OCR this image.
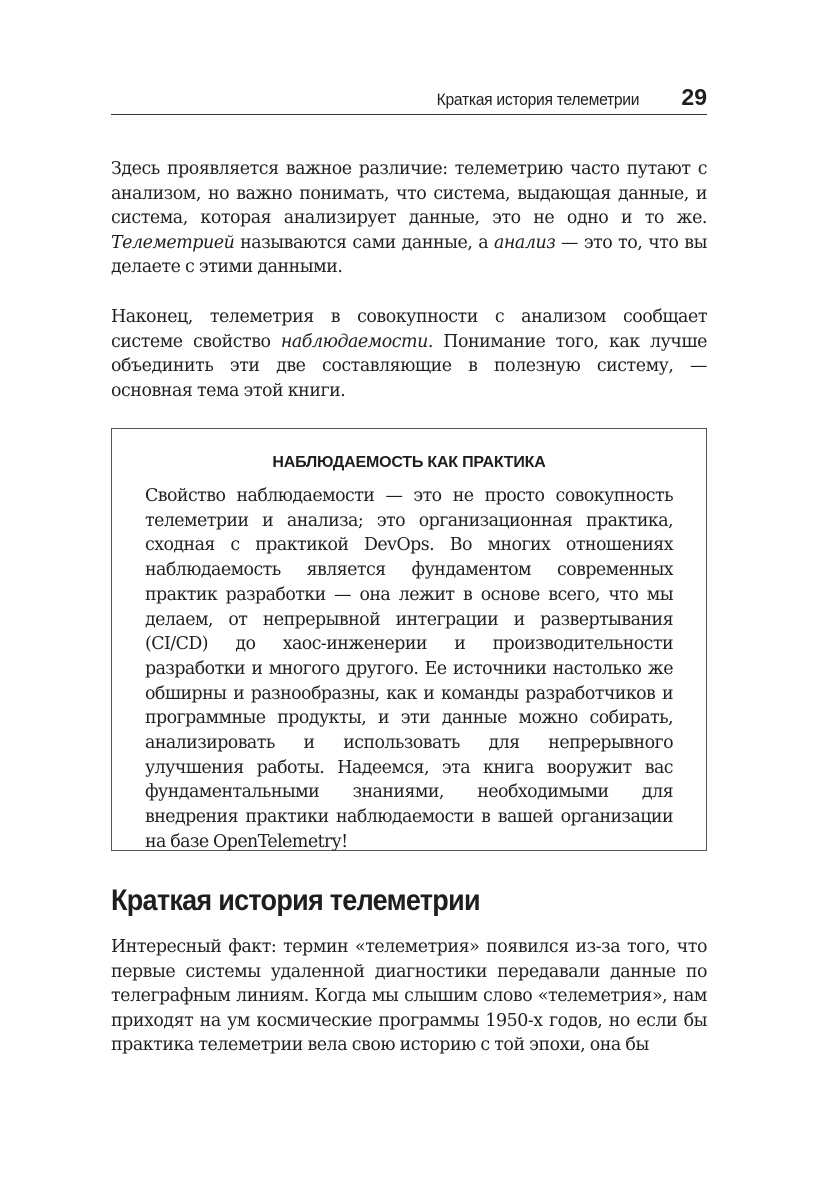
Краткая история телеметрии 29

Здесь проявляется важное различие: телеметрию часто путают с анализом, но важно понимать, что система, выдающая данные, и система, которая анализирует данные, это не одно и то же. Телеметрией называются сами данные, а анализ — это то, что вы делаете с этими данными.

Наконец, телеметрия в совокупности с анализом сообщает системе свойство наблюдаемости. Понимание того, как лучше объединить эти две составляющие в полезную систему, — основная тема этой книги.

НАБЛЮДАЕМОСТЬ КАК ПРАКТИКА

Свойство наблюдаемости — это не просто совокупность телеметрии и анализа; это организационная практика, сходная с практикой DevOps. Во многих отношениях наблюдаемость является фундаментом современных практик разработки — она лежит в основе всего, что мы делаем, от непрерывной интеграции и развертывания (CI/CD) до хаос-инженерии и производительности разработки и многого другого. Ее источники настолько же обширны и разнообразны, как и команды разработчиков и программные продукты, и эти данные можно собирать, анализировать и использовать для непрерывного улучшения работы. Надеемся, эта книга вооружит вас фундаментальными знаниями, необходимыми для внедрения практики наблюдаемости в вашей организации на базе OpenTelemetry!

Краткая история телеметрии

Интересный факт: термин «телеметрия» появился из-за того, что первые системы удаленной диагностики передавали данные по телеграфным линиям. Когда мы слышим слово «телеметрия», нам приходят на ум космические программы 1950-х годов, но если бы практика телеметрии вела свою историю с той эпохи, она бы
